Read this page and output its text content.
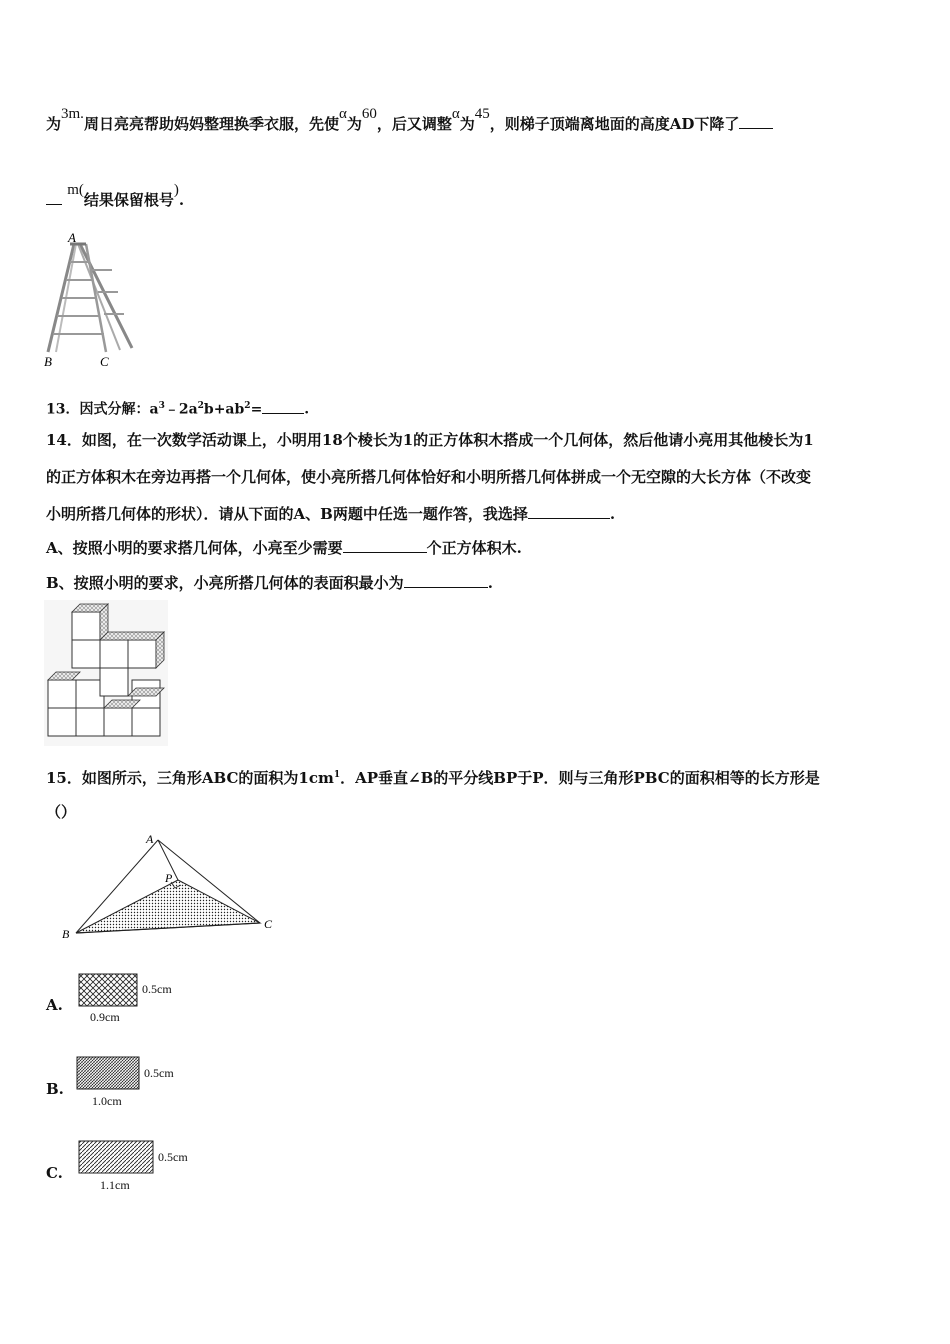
为3m.周日亮亮帮助妈妈整理换季衣服，先使α为60，后又调整α为45，则梯子顶端离地面的高度AD下降了
m(结果保留根号).
A
B	C
13．因式分解：$a^3﹣2a^2b+ab^2=$	.
14．如图，在一次数学活动课上，小明用18个棱长为1的正方体积木搭成一个几何体，然后他请小亮用其他棱长为1
的正方体积木在旁边再搭一个几何体，使小亮所搭几何体恰好和小明所搭几何体拼成一个无空隙的大长方体（不改变
小明所搭几何体的形状）．请从下面的A、B两题中任选一题作答，我选择	.
A、按照小明的要求搭几何体，小亮至少需要	个正方体积木.
B、按照小明的要求，小亮所搭几何体的表面积最小为	.
15．如图所示，三角形ABC的面积为$1cm^1$．AP垂直∠B的平分线BP于P．则与三角形PBC的面积相等的长方形是
（）
A
P
B
C
A.
0.5cm
0.9cm
B.
0.5cm
1.0cm
C.
0.5cm
1.1cm
